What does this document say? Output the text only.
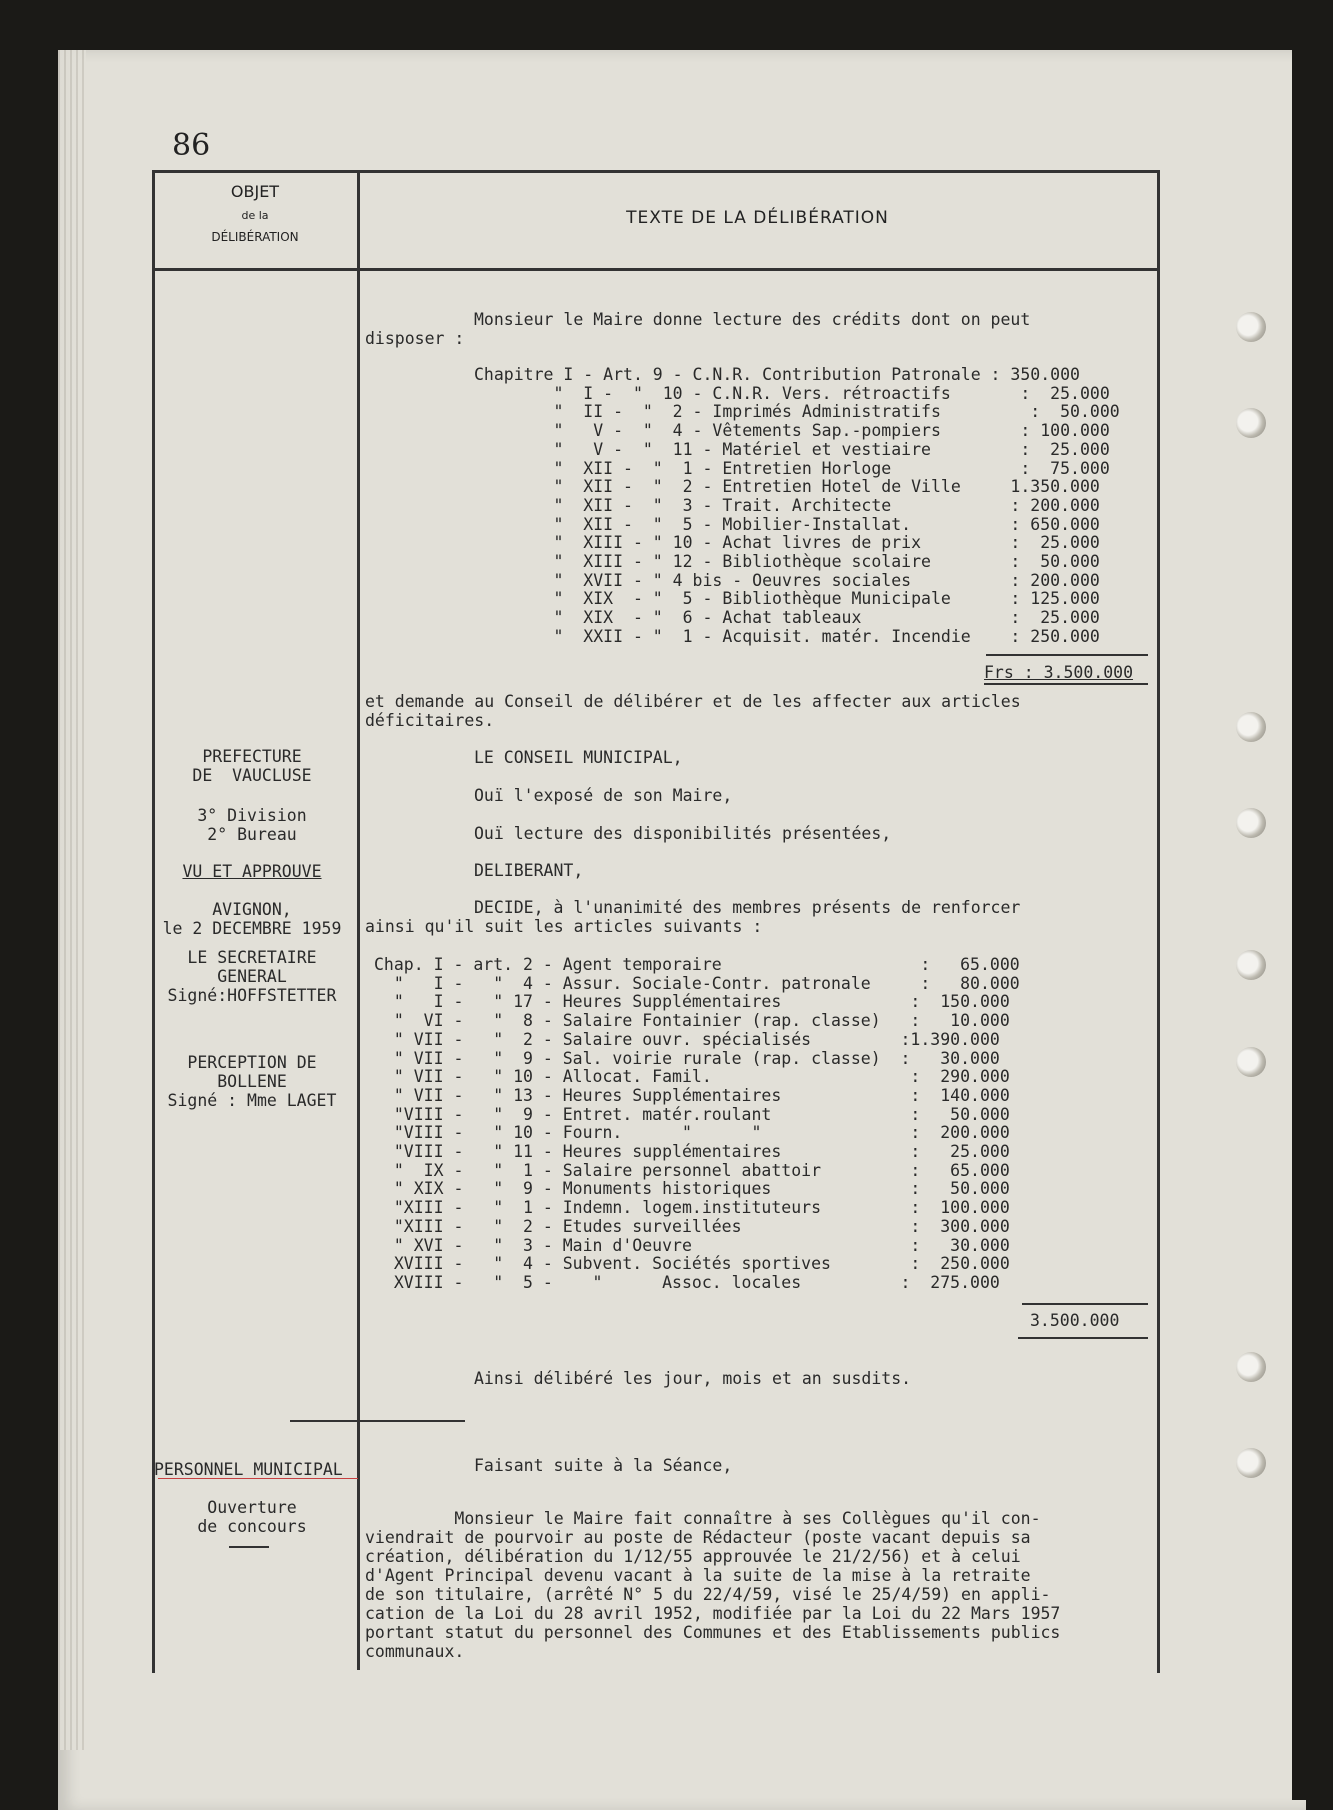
86
OBJET
de la
DÉLIBÉRATION
TEXTE DE LA DÉLIBÉRATION
Monsieur le Maire donne lecture des crédits dont on peut
disposer :
Chapitre I - Art. 9 - C.N.R. Contribution Patronale : 350.000
"  I -  "  10 - C.N.R. Vers. rétroactifs       :  25.000
"  II -  "  2 - Imprimés Administratifs         :  50.000
"   V -  "  4 - Vêtements Sap.-pompiers        : 100.000
"   V -  "  11 - Matériel et vestiaire         :  25.000
"  XII -  "  1 - Entretien Horloge             :  75.000
"  XII -  "  2 - Entretien Hotel de Ville     1.350.000
"  XII -  "  3 - Trait. Architecte            : 200.000
"  XII -  "  5 - Mobilier-Installat.          : 650.000
"  XIII - " 10 - Achat livres de prix         :  25.000
"  XIII - " 12 - Bibliothèque scolaire        :  50.000
"  XVII - " 4 bis - Oeuvres sociales          : 200.000
"  XIX  - "  5 - Bibliothèque Municipale      : 125.000
"  XIX  - "  6 - Achat tableaux               :  25.000
"  XXII - "  1 - Acquisit. matér. Incendie    : 250.000
Frs : 3.500.000
et demande au Conseil de délibérer et de les affecter aux articles
déficitaires.
LE CONSEIL MUNICIPAL,
Ouï l'exposé de son Maire,
Ouï lecture des disponibilités présentées,
DELIBERANT,
DECIDE, à l'unanimité des membres présents de renforcer
ainsi qu'il suit les articles suivants :
Chap. I - art. 2 - Agent temporaire                    :   65.000
"   I -   "  4 - Assur. Sociale-Contr. patronale     :   80.000
"   I -   " 17 - Heures Supplémentaires             :  150.000
"  VI -   "  8 - Salaire Fontainier (rap. classe)   :   10.000
" VII -   "  2 - Salaire ouvr. spécialisés         :1.390.000
" VII -   "  9 - Sal. voirie rurale (rap. classe)  :   30.000
" VII -   " 10 - Allocat. Famil.                    :  290.000
" VII -   " 13 - Heures Supplémentaires             :  140.000
"VIII -   "  9 - Entret. matér.roulant              :   50.000
"VIII -   " 10 - Fourn.      "      "               :  200.000
"VIII -   " 11 - Heures supplémentaires             :   25.000
"  IX -   "  1 - Salaire personnel abattoir         :   65.000
" XIX -   "  9 - Monuments historiques              :   50.000
"XIII -   "  1 - Indemn. logem.instituteurs         :  100.000
"XIII -   "  2 - Etudes surveillées                 :  300.000
" XVI -   "  3 - Main d'Oeuvre                      :   30.000
XVIII -   "  4 - Subvent. Sociétés sportives        :  250.000
XVIII -   "  5 -    "      Assoc. locales          :  275.000
3.500.000
Ainsi délibéré les jour, mois et an susdits.
PREFECTURE
DE  VAUCLUSE
3° Division
2° Bureau
VU ET APPROUVE
AVIGNON,
le 2 DECEMBRE 1959
LE SECRETAIRE
GENERAL
Signé:HOFFSTETTER
PERCEPTION DE
BOLLENE
Signé : Mme LAGET
PERSONNEL MUNICIPAL
Ouverture
de concours
Faisant suite à la Séance,
Monsieur le Maire fait connaître à ses Collègues qu'il con-
viendrait de pourvoir au poste de Rédacteur (poste vacant depuis sa
création, délibération du 1/12/55 approuvée le 21/2/56) et à celui
d'Agent Principal devenu vacant à la suite de la mise à la retraite
de son titulaire, (arrêté N° 5 du 22/4/59, visé le 25/4/59) en appli-
cation de la Loi du 28 avril 1952, modifiée par la Loi du 22 Mars 1957
portant statut du personnel des Communes et des Etablissements publics
communaux.
